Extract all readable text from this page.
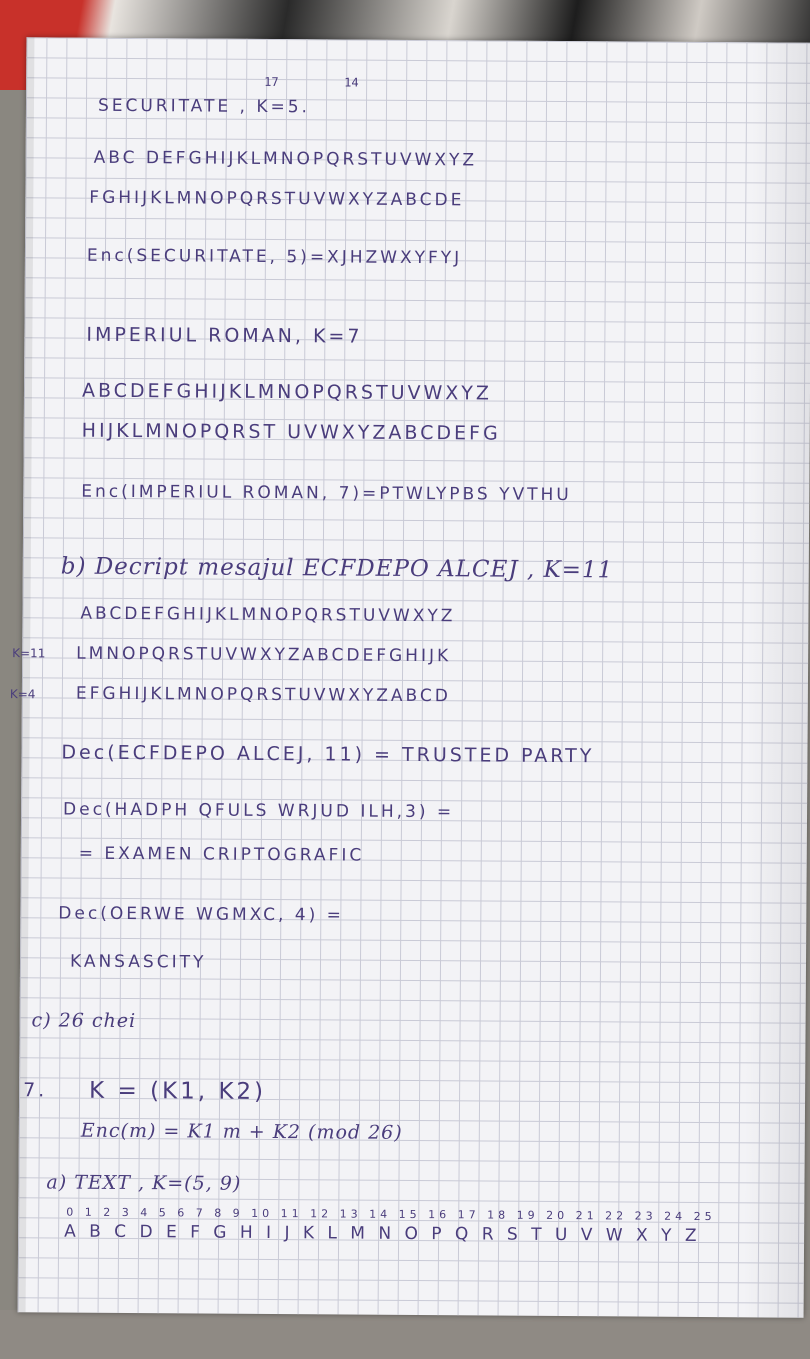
17	14
SECURITATE , K=5.
ABC DEFGHIJKLMNOPQRSTUVWXYZ
FGHIJKLMNOPQRSTUVWXYZABCDE
Enc(SECURITATE, 5)=XJHZWXYFYJ
IMPERIUL ROMAN, K=7
ABCDEFGHIJKLMNOPQRSTUVWXYZ
HIJKLMNOPQRST UVWXYZABCDEFG
Enc(IMPERIUL ROMAN, 7)=PTWLYPBS YVTHU
b) Decript mesajul ECFDEPO ALCEJ , K=11
ABCDEFGHIJKLMNOPQRSTUVWXYZ
K=11 LMNOPQRSTUVWXYZABCDEFGHIJK
K=4 EFGHIJKLMNOPQRSTUVWXYZABCD
Dec(ECFDEPO ALCEJ, 11) = TRUSTED PARTY
Dec(HADPH QFULS WRJUD ILH,3) =
= EXAMEN CRIPTOGRAFIC
Dec(OERWE WGMXC, 4) =
KANSASCITY
c) 26 chei
7. K = (K1, K2)
Enc(m) = K1 m + K2 (mod 26)
a) TEXT , K=(5, 9)
0 1 2 3 4 5 6 7 8 9 10 11 12 13 14 15 16 17 18 19 20 21 22 23 24 25
A B C D E F G H I J K L M N O P Q R S T U V W X Y Z
